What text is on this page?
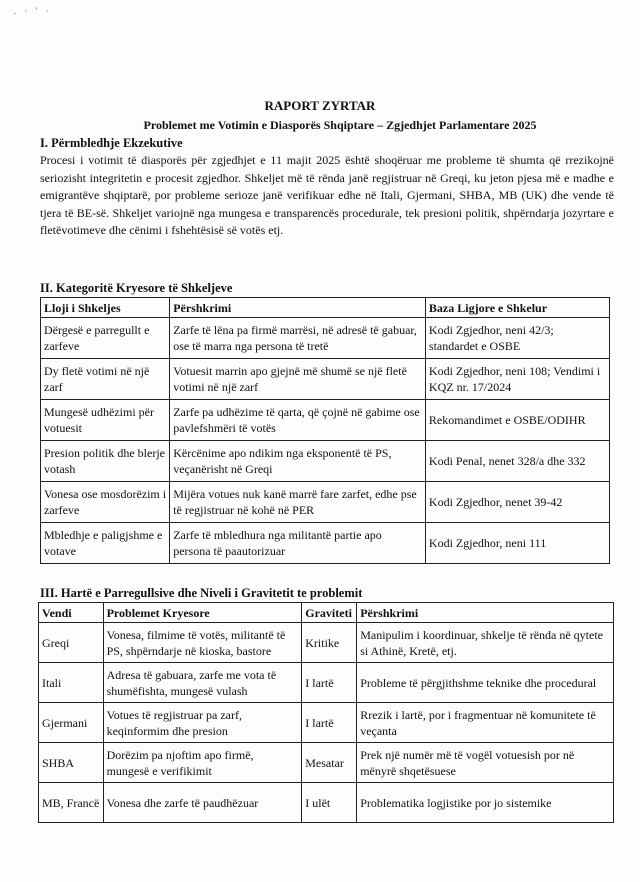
. · ' ·
RAPORT ZYRTAR
Problemet me Votimin e Diasporës Shqiptare – Zgjedhjet Parlamentare 2025
I. Përmbledhje Ekzekutive
Procesi i votimit të diasporës për zgjedhjet e 11 majit 2025 është shoqëruar me probleme të shumta që rrezikojnë seriozisht integritetin e procesit zgjedhor. Shkeljet më të rënda janë regjistruar në Greqi, ku jeton pjesa më e madhe e emigrantëve shqiptarë, por probleme serioze janë verifikuar edhe në Itali, Gjermani, SHBA, MB (UK) dhe vende të tjera të BE-së. Shkeljet variojnë nga mungesa e transparencës procedurale, tek presioni politik, shpërndarja jozyrtare e fletëvotimeve dhe cënimi i fshehtësisë së votës etj.
II. Kategoritë Kryesore të Shkeljeve
Lloji i Shkeljes	Përshkrimi	Baza Ligjore e Shkelur
Dërgesë e parregullt e zarfeve	Zarfe të lëna pa firmë marrësi, në adresë të gabuar, ose të marra nga persona të tretë	Kodi Zgjedhor, neni 42/3; standardet e OSBE
Dy fletë votimi në një zarf	Votuesit marrin apo gjejnë më shumë se një fletë votimi në një zarf	Kodi Zgjedhor, neni 108; Vendimi i KQZ nr. 17/2024
Mungesë udhëzimi për votuesit	Zarfe pa udhëzime të qarta, që çojnë në gabime ose pavlefshmëri të votës	Rekomandimet e OSBE/ODIHR
Presion politik dhe blerje votash	Kërcënime apo ndikim nga eksponentë të PS, veçanërisht në Greqi	Kodi Penal, nenet 328/a dhe 332
Vonesa ose mosdorëzim i zarfeve	Mijëra votues nuk kanë marrë fare zarfet, edhe pse të regjistruar në kohë në PER	Kodi Zgjedhor, nenet 39-42
Mbledhje e paligjshme e votave	Zarfe të mbledhura nga militantë partie apo persona të paautorizuar	Kodi Zgjedhor, neni 111
III. Hartë e Parregullsive dhe Niveli i Gravitetit te problemit
Vendi	Problemet Kryesore	Graviteti	Përshkrimi
Greqi	Vonesa, filmime të votës, militantë të PS, shpërndarje në kioska, bastore	Kritike	Manipulim i koordinuar, shkelje të rënda në qytete si Athinë, Kretë, etj.
Itali	Adresa të gabuara, zarfe me vota të shumëfishta, mungesë vulash	I lartë	Probleme të përgjithshme teknike dhe procedural
Gjermani	Votues të regjistruar pa zarf, keqinformim dhe presion	I lartë	Rrezik i lartë, por i fragmentuar në komunitete të veçanta
SHBA	Dorëzim pa njoftim apo firmë, mungesë e verifikimit	Mesatar	Prek një numër më të vogël votuesish por në mënyrë shqetësuese
MB, Francë	Vonesa dhe zarfe të paudhëzuar	I ulët	Problematika logjistike por jo sistemike
